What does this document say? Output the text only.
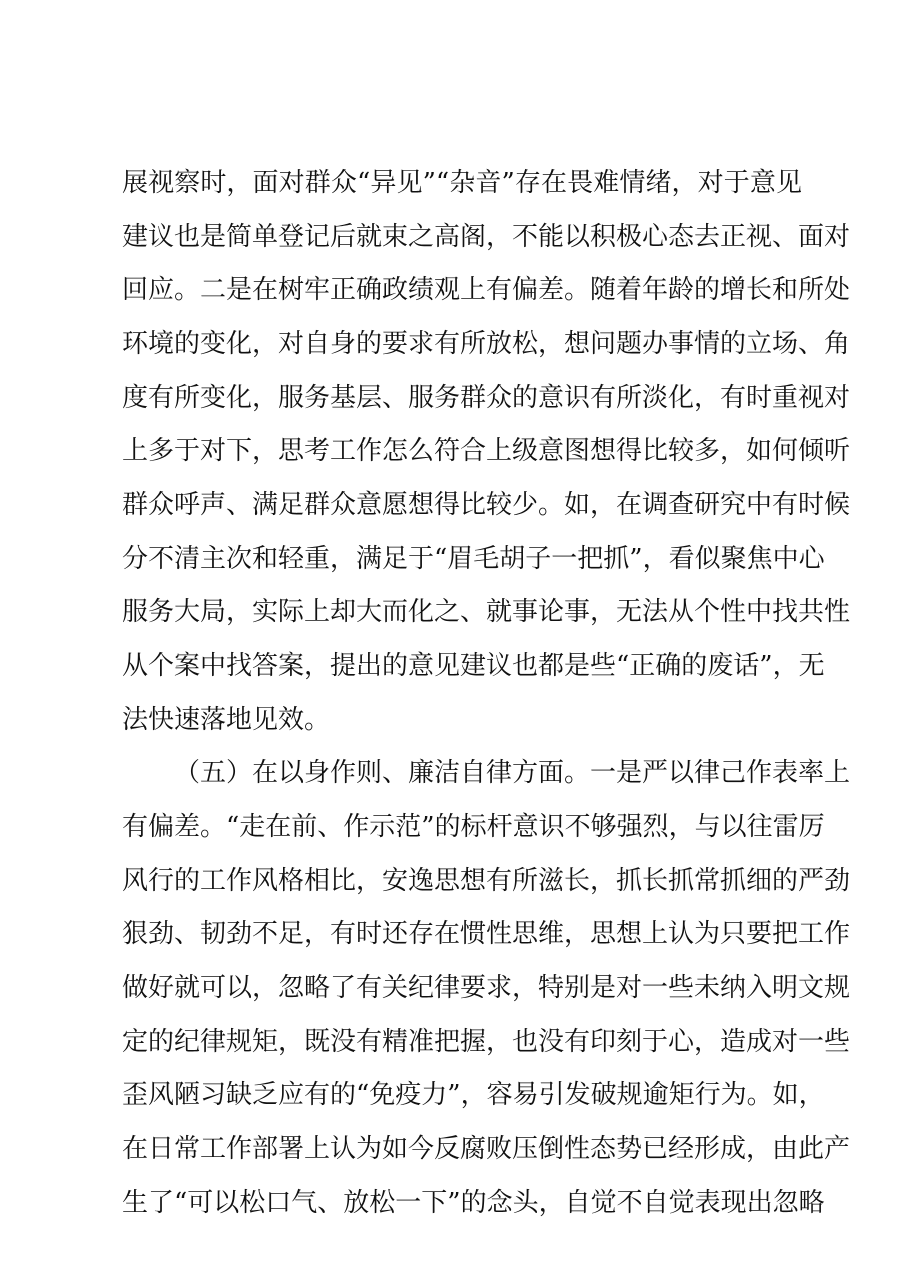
展视察时，面对群众“异见”“杂音”存在畏难情绪，对于意见
建议也是简单登记后就束之高阁，不能以积极心态去正视、面对
回应。二是在树牢正确政绩观上有偏差。随着年龄的增长和所处
环境的变化，对自身的要求有所放松，想问题办事情的立场、角
度有所变化，服务基层、服务群众的意识有所淡化，有时重视对
上多于对下，思考工作怎么符合上级意图想得比较多，如何倾听
群众呼声、满足群众意愿想得比较少。如，在调查研究中有时候
分不清主次和轻重，满足于“眉毛胡子一把抓”，看似聚焦中心
服务大局，实际上却大而化之、就事论事，无法从个性中找共性
从个案中找答案，提出的意见建议也都是些“正确的废话”，无
法快速落地见效。
（五）在以身作则、廉洁自律方面。一是严以律己作表率上
有偏差。“走在前、作示范”的标杆意识不够强烈，与以往雷厉
风行的工作风格相比，安逸思想有所滋长，抓长抓常抓细的严劲
狠劲、韧劲不足，有时还存在惯性思维，思想上认为只要把工作
做好就可以，忽略了有关纪律要求，特别是对一些未纳入明文规
定的纪律规矩，既没有精准把握，也没有印刻于心，造成对一些
歪风陋习缺乏应有的“免疫力”，容易引发破规逾矩行为。如，
在日常工作部署上认为如今反腐败压倒性态势已经形成，由此产
生了“可以松口气、放松一下”的念头，自觉不自觉表现出忽略
